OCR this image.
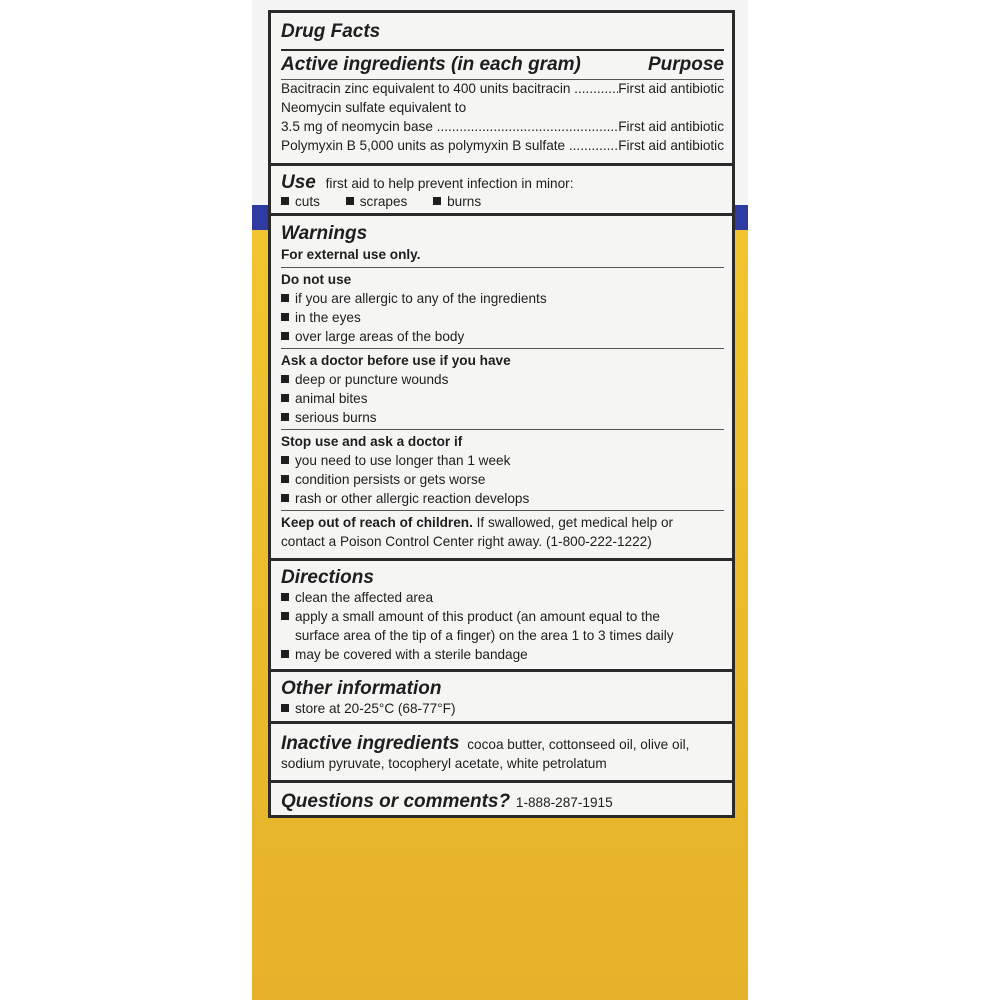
Drug Facts
Active ingredients (in each gram)	Purpose
Bacitracin zinc equivalent to 400 units bacitracin .....	First aid antibiotic
Neomycin sulfate equivalent to
3.5 mg of neomycin base .....	First aid antibiotic
Polymyxin B 5,000 units as polymyxin B sulfate .....	First aid antibiotic
Use first aid to help prevent infection in minor:
cuts	scrapes	burns
Warnings
For external use only.
Do not use
if you are allergic to any of the ingredients
in the eyes
over large areas of the body
Ask a doctor before use if you have
deep or puncture wounds
animal bites
serious burns
Stop use and ask a doctor if
you need to use longer than 1 week
condition persists or gets worse
rash or other allergic reaction develops
Keep out of reach of children. If swallowed, get medical help or
contact a Poison Control Center right away. (1-800-222-1222)
Directions
clean the affected area
apply a small amount of this product (an amount equal to the
surface area of the tip of a finger) on the area 1 to 3 times daily
may be covered with a sterile bandage
Other information
store at 20-25°C (68-77°F)
Inactive ingredients cocoa butter, cottonseed oil, olive oil,
sodium pyruvate, tocopheryl acetate, white petrolatum
Questions or comments? 1-888-287-1915
